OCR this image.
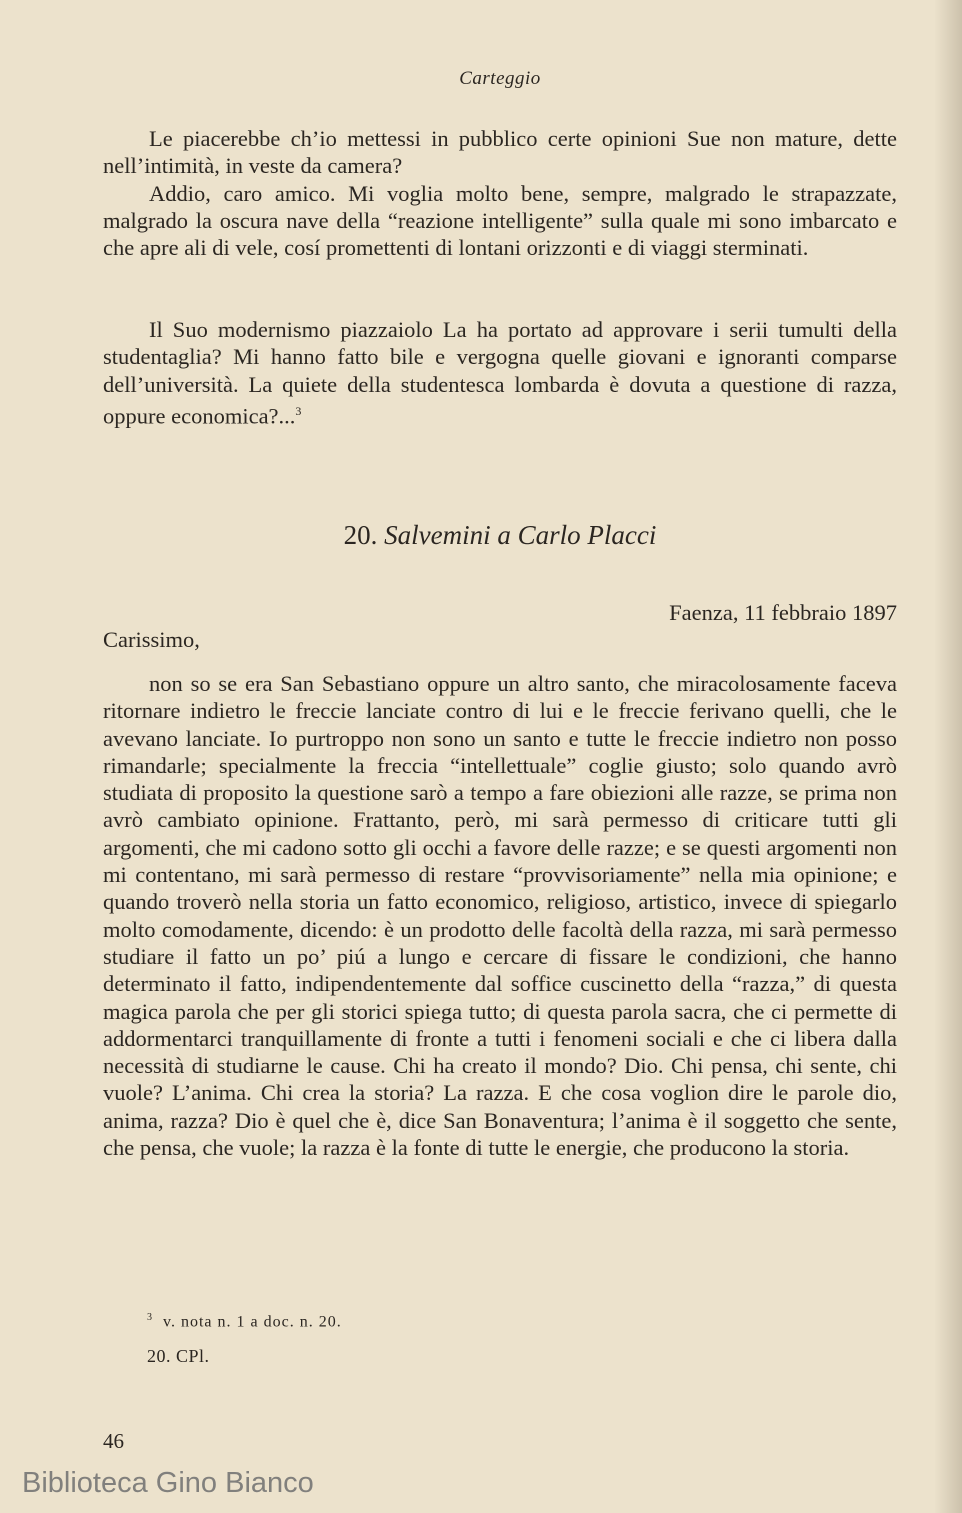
Carteggio

Le piacerebbe ch’io mettessi in pubblico certe opinioni Sue non mature, dette nell’intimità, in veste da camera?

Addio, caro amico. Mi voglia molto bene, sempre, malgrado le strapazzate, malgrado la oscura nave della “reazione intelligente” sulla quale mi sono imbarcato e che apre ali di vele, cosí promettenti di lontani orizzonti e di viaggi sterminati.

Il Suo modernismo piazzaiolo La ha portato ad approvare i serii tumulti della studentaglia? Mi hanno fatto bile e vergogna quelle giovani e ignoranti comparse dell’università. La quiete della studentesca lombarda è dovuta a questione di razza, oppure economica?...$^3$

20. Salvemini a Carlo Placci
Faenza, 11 febbraio 1897
Carissimo,

non so se era San Sebastiano oppure un altro santo, che miracolosamente faceva ritornare indietro le freccie lanciate contro di lui e le freccie ferivano quelli, che le avevano lanciate. Io purtroppo non sono un santo e tutte le freccie indietro non posso rimandarle; specialmente la freccia “intellettuale” coglie giusto; solo quando avrò studiata di proposito la questione sarò a tempo a fare obiezioni alle razze, se prima non avrò cambiato opinione. Frattanto, però, mi sarà permesso di criticare tutti gli argomenti, che mi cadono sotto gli occhi a favore delle razze; e se questi argomenti non mi contentano, mi sarà permesso di restare “provvisoriamente” nella mia opinione; e quando troverò nella storia un fatto economico, religioso, artistico, invece di spiegarlo molto comodamente, dicendo: è un prodotto delle facoltà della razza, mi sarà permesso studiare il fatto un po’ piú a lungo e cercare di fissare le condizioni, che hanno determinato il fatto, indipendentemente dal soffice cuscinetto della “razza,” di questa magica parola che per gli storici spiega tutto; di questa parola sacra, che ci permette di addormentarci tranquillamente di fronte a tutti i fenomeni sociali e che ci libera dalla necessità di studiarne le cause. Chi ha creato il mondo? Dio. Chi pensa, chi sente, chi vuole? L’anima. Chi crea la storia? La razza. E che cosa voglion dire le parole dio, anima, razza? Dio è quel che è, dice San Bonaventura; l’anima è il soggetto che sente, che pensa, che vuole; la razza è la fonte di tutte le energie, che producono la storia.

$^3$ v. nota n. 1 a doc. n. 20.
20. CPl.
46
Biblioteca Gino Bianco
